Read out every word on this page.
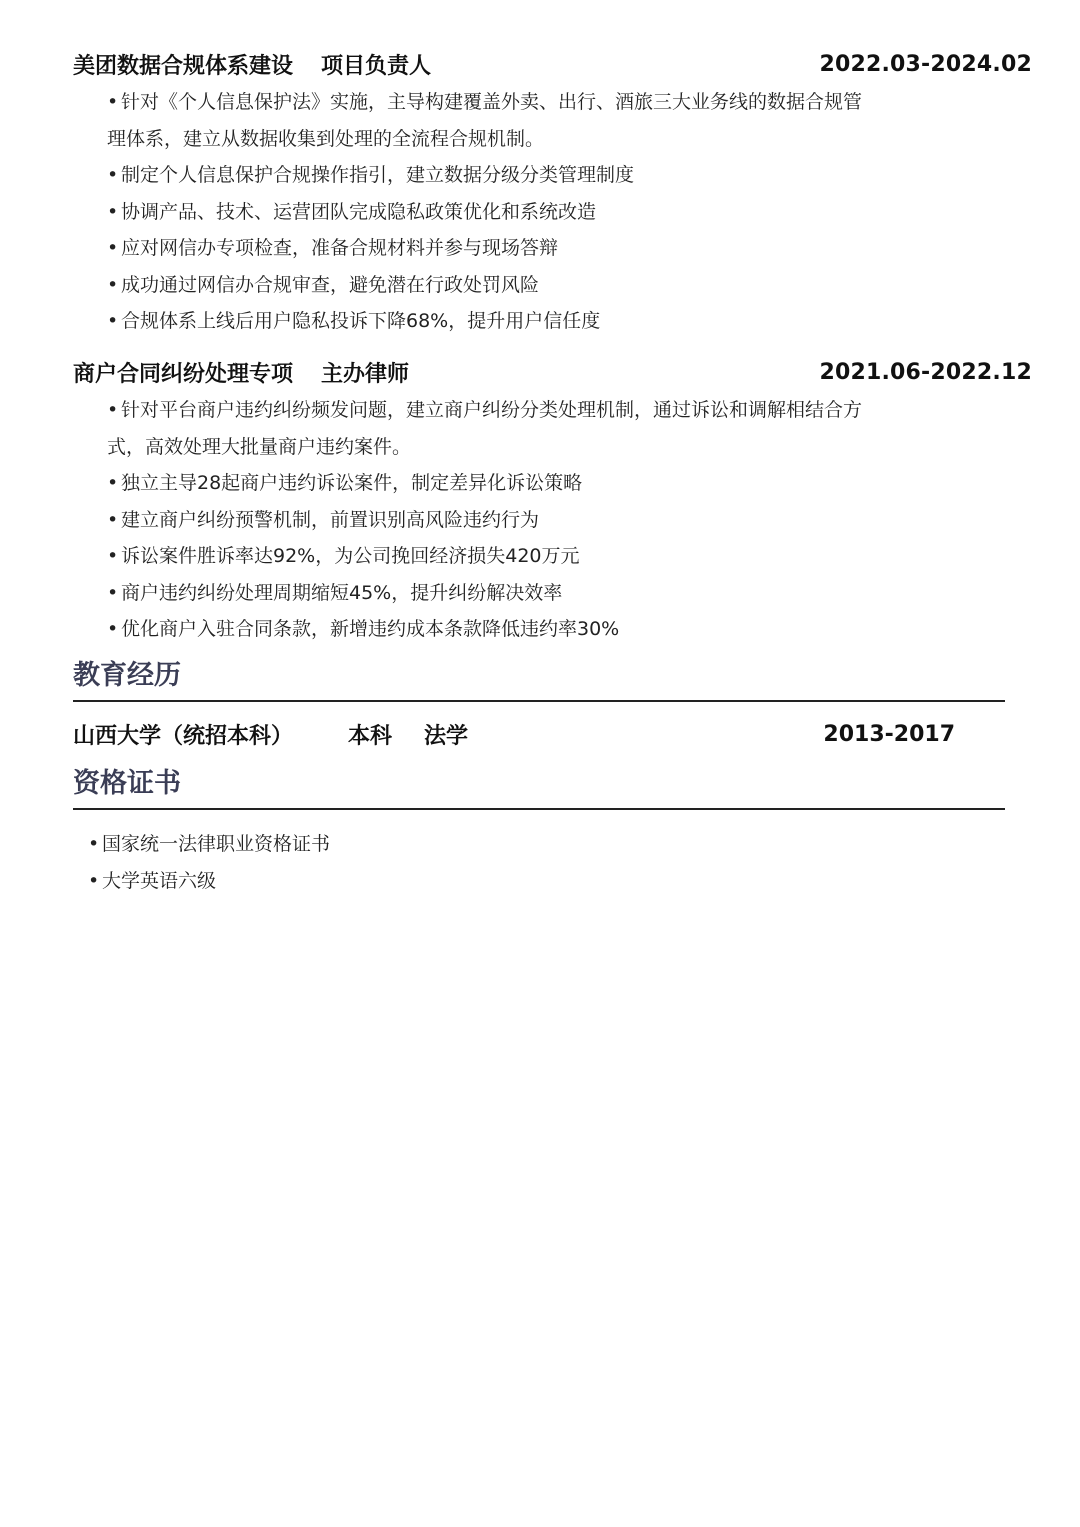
美团数据合规体系建设 项目负责人	2022.03-2024.02
• 针对《个人信息保护法》实施，主导构建覆盖外卖、出行、酒旅三大业务线的数据合规管
理体系，建立从数据收集到处理的全流程合规机制。
• 制定个人信息保护合规操作指引，建立数据分级分类管理制度
• 协调产品、技术、运营团队完成隐私政策优化和系统改造
• 应对网信办专项检查，准备合规材料并参与现场答辩
• 成功通过网信办合规审查，避免潜在行政处罚风险
• 合规体系上线后用户隐私投诉下降68%，提升用户信任度
商户合同纠纷处理专项 主办律师	2021.06-2022.12
• 针对平台商户违约纠纷频发问题，建立商户纠纷分类处理机制，通过诉讼和调解相结合方
式，高效处理大批量商户违约案件。
• 独立主导28起商户违约诉讼案件，制定差异化诉讼策略
• 建立商户纠纷预警机制，前置识别高风险违约行为
• 诉讼案件胜诉率达92%，为公司挽回经济损失420万元
• 商户违约纠纷处理周期缩短45%，提升纠纷解决效率
• 优化商户入驻合同条款，新增违约成本条款降低违约率30%
教育经历
山西大学（统招本科）	本科	法学	2013-2017
资格证书
• 国家统一法律职业资格证书
• 大学英语六级
